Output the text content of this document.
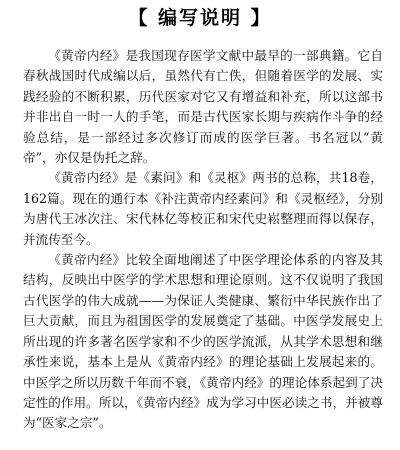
【 编写说明 】

《黄帝内经》是我国现存医学文献中最早的一部典籍。它自春秋战国时代成编以后，虽然代有亡佚，但随着医学的发展、实践经验的不断积累，历代医家对它又有增益和补充，所以这部书并非出自一时一人的手笔，而是古代医家长期与疾病作斗争的经验总结，是一部经过多次修订而成的医学巨著。书名冠以“黄帝”，亦仅是伪托之辞。

《黄帝内经》是《素问》和《灵枢》两书的总称，共18卷，162篇。现在的通行本《补注黄帝内经素问》和《灵枢经》，分别为唐代王冰次注、宋代林亿等校正和宋代史崧整理而得以保存，并流传至今。

《黄帝内经》比较全面地阐述了中医学理论体系的内容及其结构，反映出中医学的学术思想和理论原则。这不仅说明了我国古代医学的伟大成就——为保证人类健康、繁衍中华民族作出了巨大贡献，而且为祖国医学的发展奠定了基础。中医学发展史上所出现的许多著名医学家和不少的医学流派，从其学术思想和继承性来说，基本上是从《黄帝内经》的理论基础上发展起来的。中医学之所以历数千年而不衰，《黄帝内经》的理论体系起到了决定性的作用。所以，《黄帝内经》成为学习中医必读之书，并被尊为“医家之宗”。
